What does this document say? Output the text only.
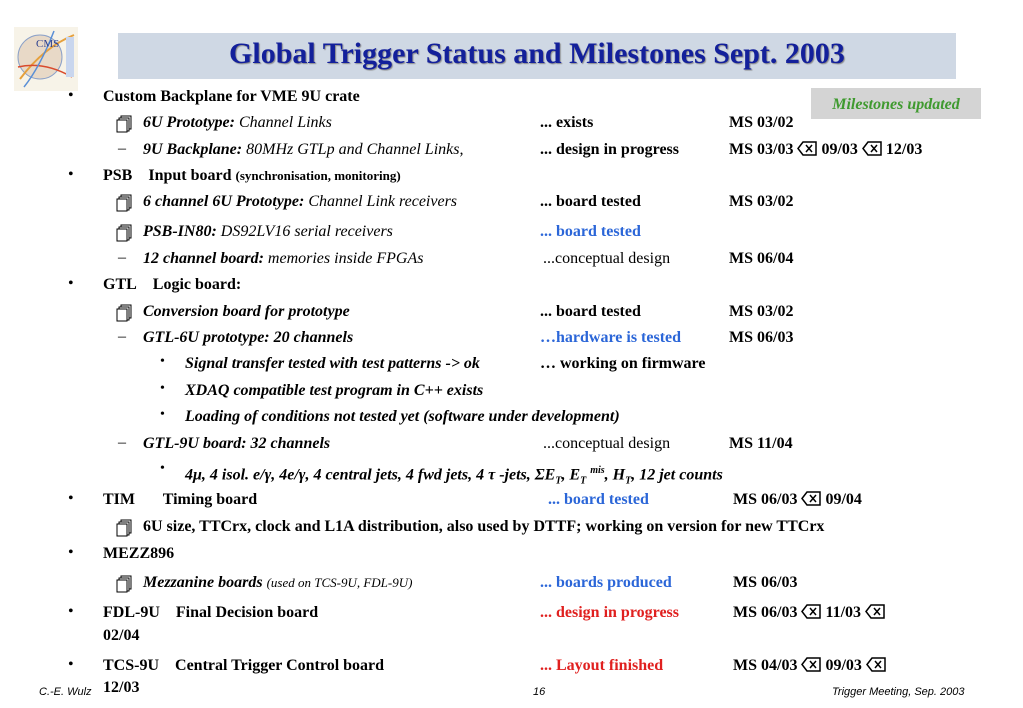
CMS	Global Trigger Status and Milestones Sept. 2003
Milestones updated
• Custom Backplane for VME 9U crate
6U Prototype: Channel Links	... exists	MS 03/02
– 9U Backplane: 80MHz GTLp and Channel Links,	... design in progress	MS 03/03 09/03 12/03
• PSB Input board (synchronisation, monitoring)
6 channel 6U Prototype: Channel Link receivers	... board tested	MS 03/02
PSB-IN80: DS92LV16 serial receivers	... board tested
– 12 channel board: memories inside FPGAs	...conceptual design	MS 06/04
• GTL Logic board:
Conversion board for prototype	... board tested	MS 03/02
– GTL-6U prototype: 20 channels	…hardware is tested	MS 06/03
• Signal transfer tested with test patterns -> ok	… working on firmware
• XDAQ compatible test program in C++ exists
• Loading of conditions not tested yet (software under development)
– GTL-9U board: 32 channels	...conceptual design	MS 11/04
• 4μ, 4 isol. e/γ, 4e/γ, 4 central jets, 4 fwd jets, 4 τ -jets, $\Sigma E_T$, $E_T$ $^{mis}$, $H_T$, 12 jet counts
• TIM Timing board	... board tested	MS 06/03 09/04
6U size, TTCrx, clock and L1A distribution, also used by DTTF; working on version for new TTCrx
• MEZZ896
Mezzanine boards (used on TCS-9U, FDL-9U)	... boards produced	MS 06/03
• FDL-9U Final Decision board	... design in progress	MS 06/03 11/03
02/04
• TCS-9U Central Trigger Control board	... Layout finished	MS 04/03 09/03
12/03
C.-E. Wulz	16	Trigger Meeting, Sep. 2003
